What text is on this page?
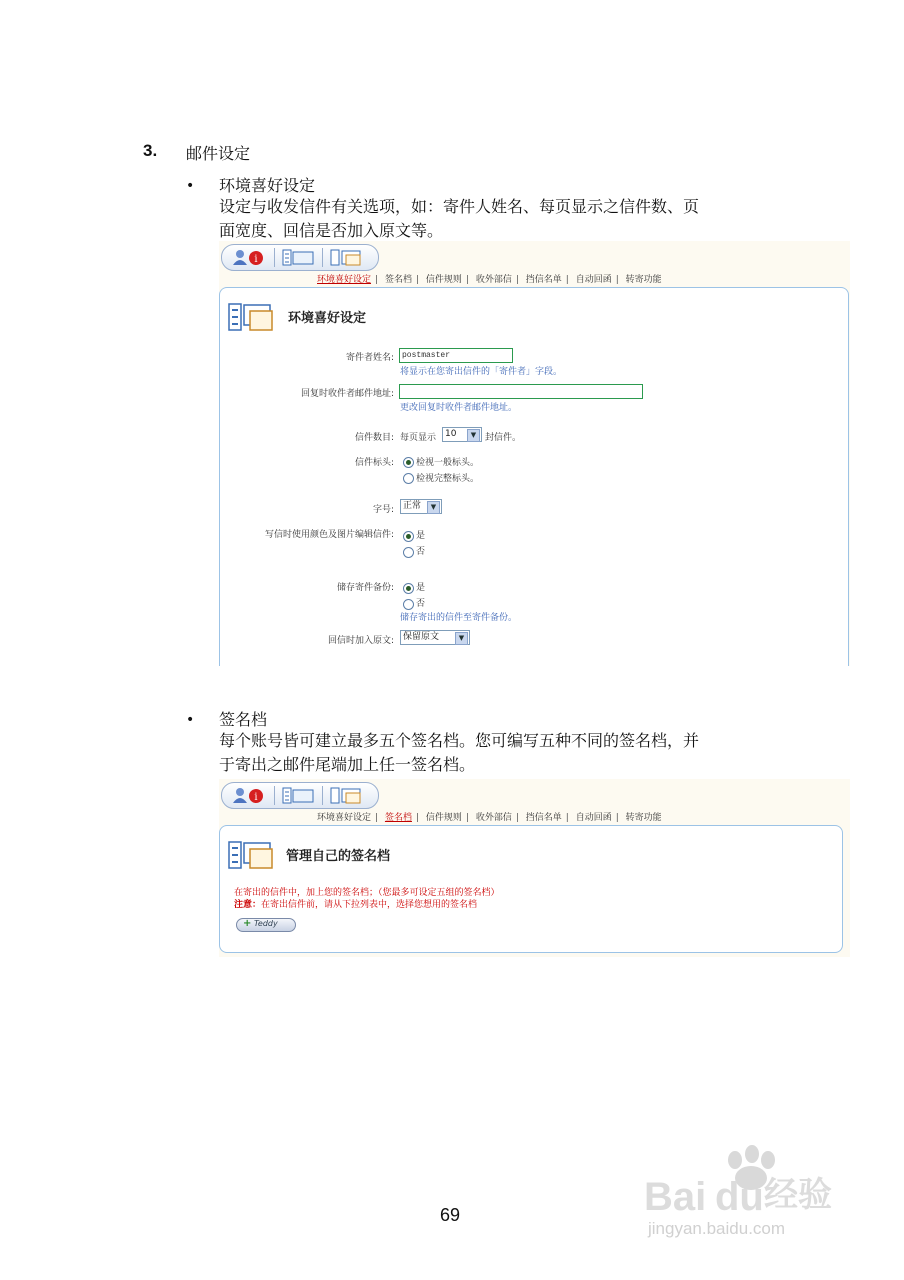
3. 邮件设定
• 环境喜好设定
设定与收发信件有关选项，如：寄件人姓名、每页显示之信件数、页
面宽度、回信是否加入原文等。
i
环境喜好设定 | 签名档 | 信件规则 | 收外部信 | 挡信名单 | 自动回函 | 转寄功能
环境喜好设定
寄件者姓名:	postmaster
将显示在您寄出信件的「寄件者」字段。
回复时收件者邮件地址:
更改回复时收件者邮件地址。
信件数目: 每页显示 10	▼ 封信件。
信件标头: 检视一般标头。
检视完整标头。
字号:	正常	▼
写信时使用颜色及图片编辑信件: 是
否
储存寄件备份: 是
否
储存寄出的信件至寄件备份。
回信时加入原文:	保留原文	▼
• 签名档
每个账号皆可建立最多五个签名档。您可编写五种不同的签名档，并
于寄出之邮件尾端加上任一签名档。
i
环境喜好设定 | 签名档 | 信件规则 | 收外部信 | 挡信名单 | 自动回函 | 转寄功能
管理自己的签名档
在寄出的信件中，加上您的签名档；（您最多可设定五组的签名档）
注意：在寄出信件前，请从下拉列表中，选择您想用的签名档
+ Teddy
69	Bai du 经验
jingyan.baidu.com
